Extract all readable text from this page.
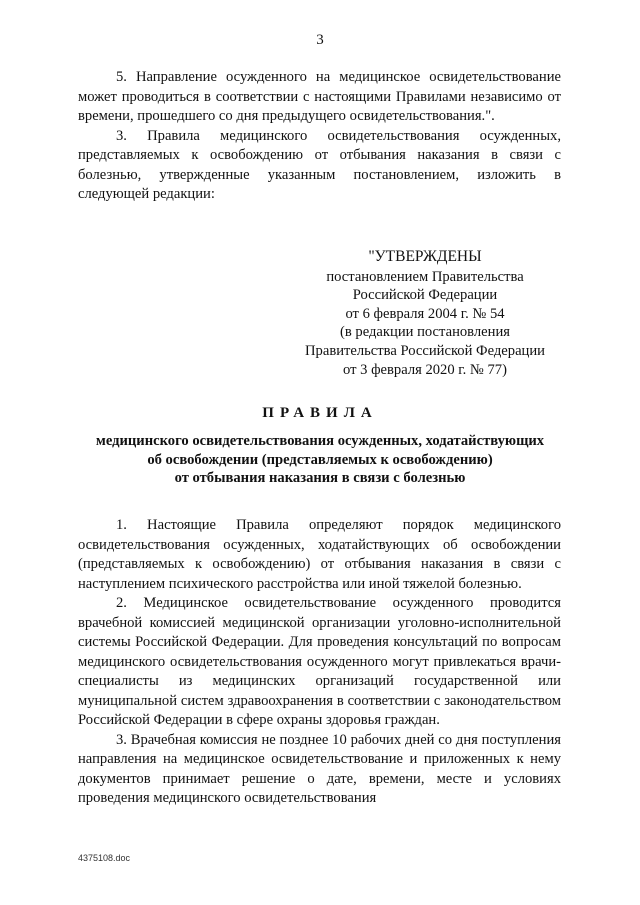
3

5. Направление осужденного на медицинское освидетельствование может проводиться в соответствии с настоящими Правилами независимо от времени, прошедшего со дня предыдущего освидетельствования.".

3. Правила медицинского освидетельствования осужденных, представляемых к освобождению от отбывания наказания в связи с болезнью, утвержденные указанным постановлением, изложить в следующей редакции:

"УТВЕРЖДЕНЫ
постановлением Правительства
Российской Федерации
от 6 февраля 2004 г. № 54
(в редакции постановления
Правительства Российской Федерации
от 3 февраля 2020 г. № 77)
ПРАВИЛА
медицинского освидетельствования осужденных, ходатайствующих
об освобождении (представляемых к освобождению)
от отбывания наказания в связи с болезнью

1. Настоящие Правила определяют порядок медицинского освидетельствования осужденных, ходатайствующих об освобождении (представляемых к освобождению) от отбывания наказания в связи с наступлением психического расстройства или иной тяжелой болезнью.

2. Медицинское освидетельствование осужденного проводится врачебной комиссией медицинской организации уголовно-исполнительной системы Российской Федерации. Для проведения консультаций по вопросам медицинского освидетельствования осужденного могут привлекаться врачи-специалисты из медицинских организаций государственной или муниципальной систем здравоохранения в соответствии с законодательством Российской Федерации в сфере охраны здоровья граждан.

3. Врачебная комиссия не позднее 10 рабочих дней со дня поступления направления на медицинское освидетельствование и приложенных к нему документов принимает решение о дате, времени, месте и условиях проведения медицинского освидетельствования

4375108.doc
